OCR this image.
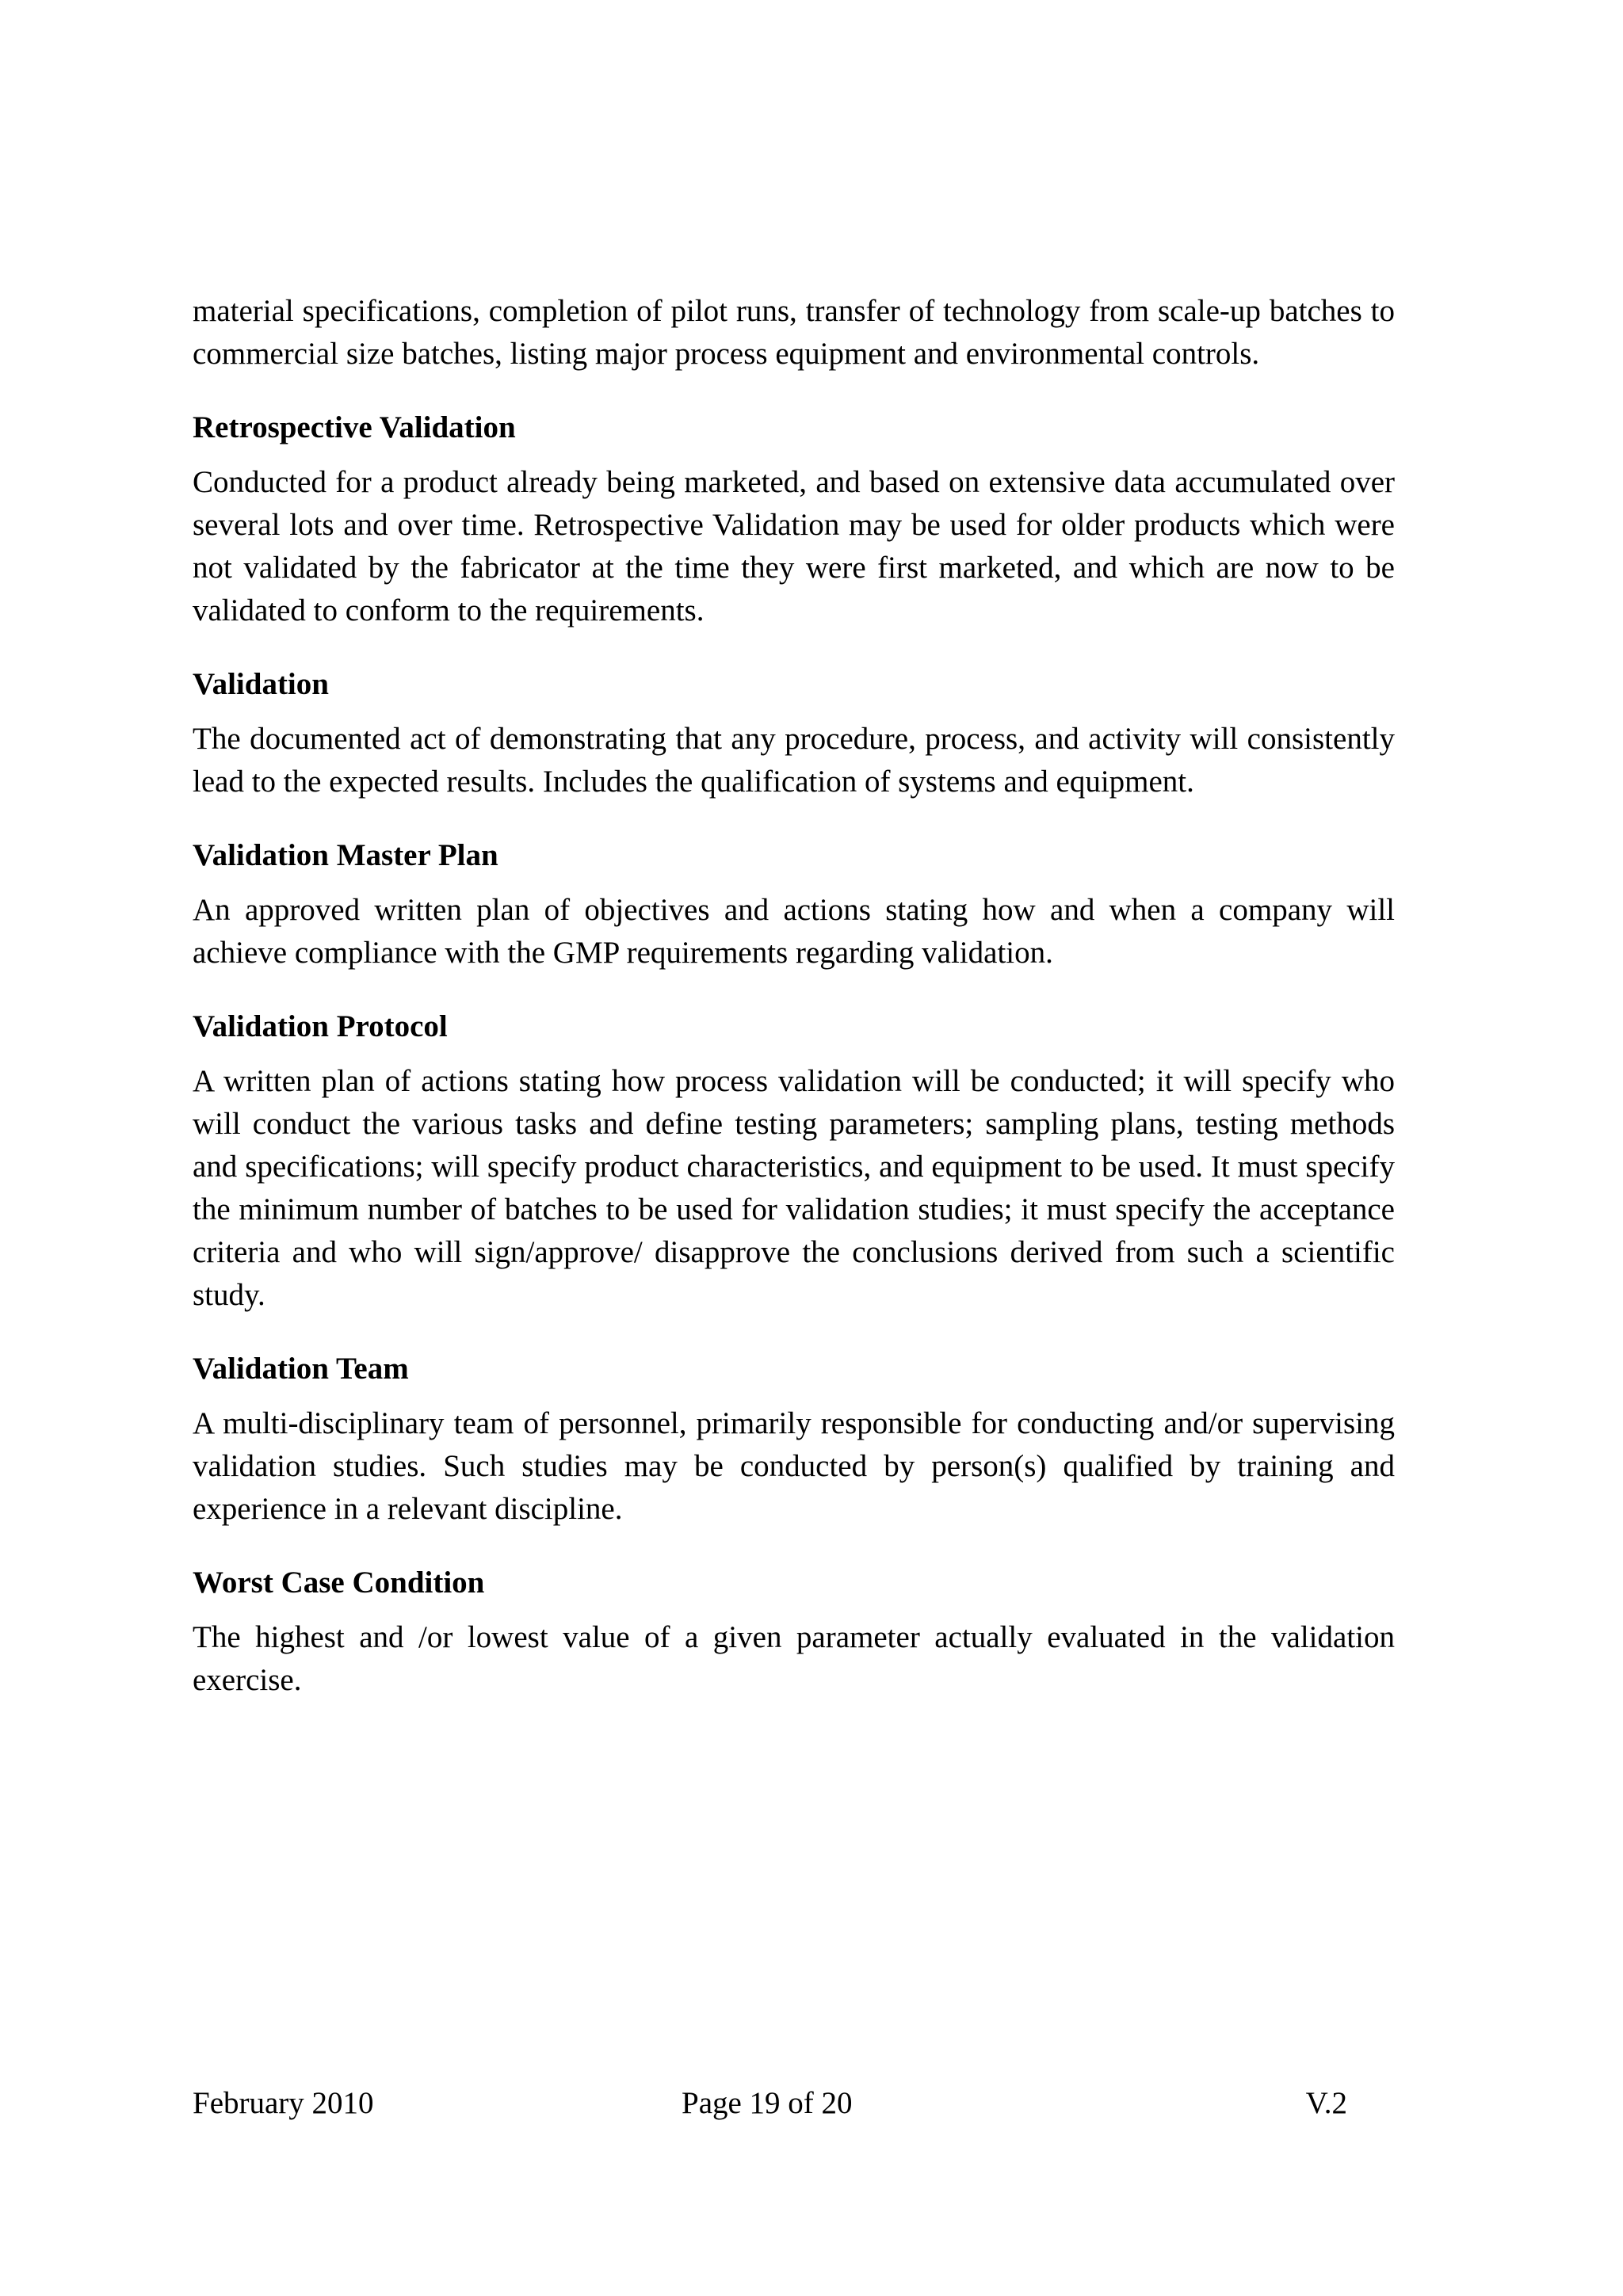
material specifications, completion of pilot runs, transfer of technology from scale-up batches to commercial size batches, listing major process equipment and environmental controls.

Retrospective Validation

Conducted for a product already being marketed, and based on extensive data accumulated over several lots and over time. Retrospective Validation may be used for older products which were not validated by the fabricator at the time they were first marketed, and which are now to be validated to conform to the requirements.

Validation

The documented act of demonstrating that any procedure, process, and activity will consistently lead to the expected results. Includes the qualification of systems and equipment.

Validation Master Plan

An approved written plan of objectives and actions stating how and when a company will achieve compliance with the GMP requirements regarding validation.

Validation Protocol

A written plan of actions stating how process validation will be conducted; it will specify who will conduct the various tasks and define testing parameters; sampling plans, testing methods and specifications; will specify product characteristics, and equipment to be used. It must specify the minimum number of batches to be used for validation studies; it must specify the acceptance criteria and who will sign/approve/ disapprove the conclusions derived from such a scientific study.

Validation Team

A multi-disciplinary team of personnel, primarily responsible for conducting and/or supervising validation studies. Such studies may be conducted by person(s) qualified by training and experience in a relevant discipline.

Worst Case Condition

The highest and /or lowest value of a given parameter actually evaluated in the validation exercise.

February 2010	Page 19 of 20	V.2
